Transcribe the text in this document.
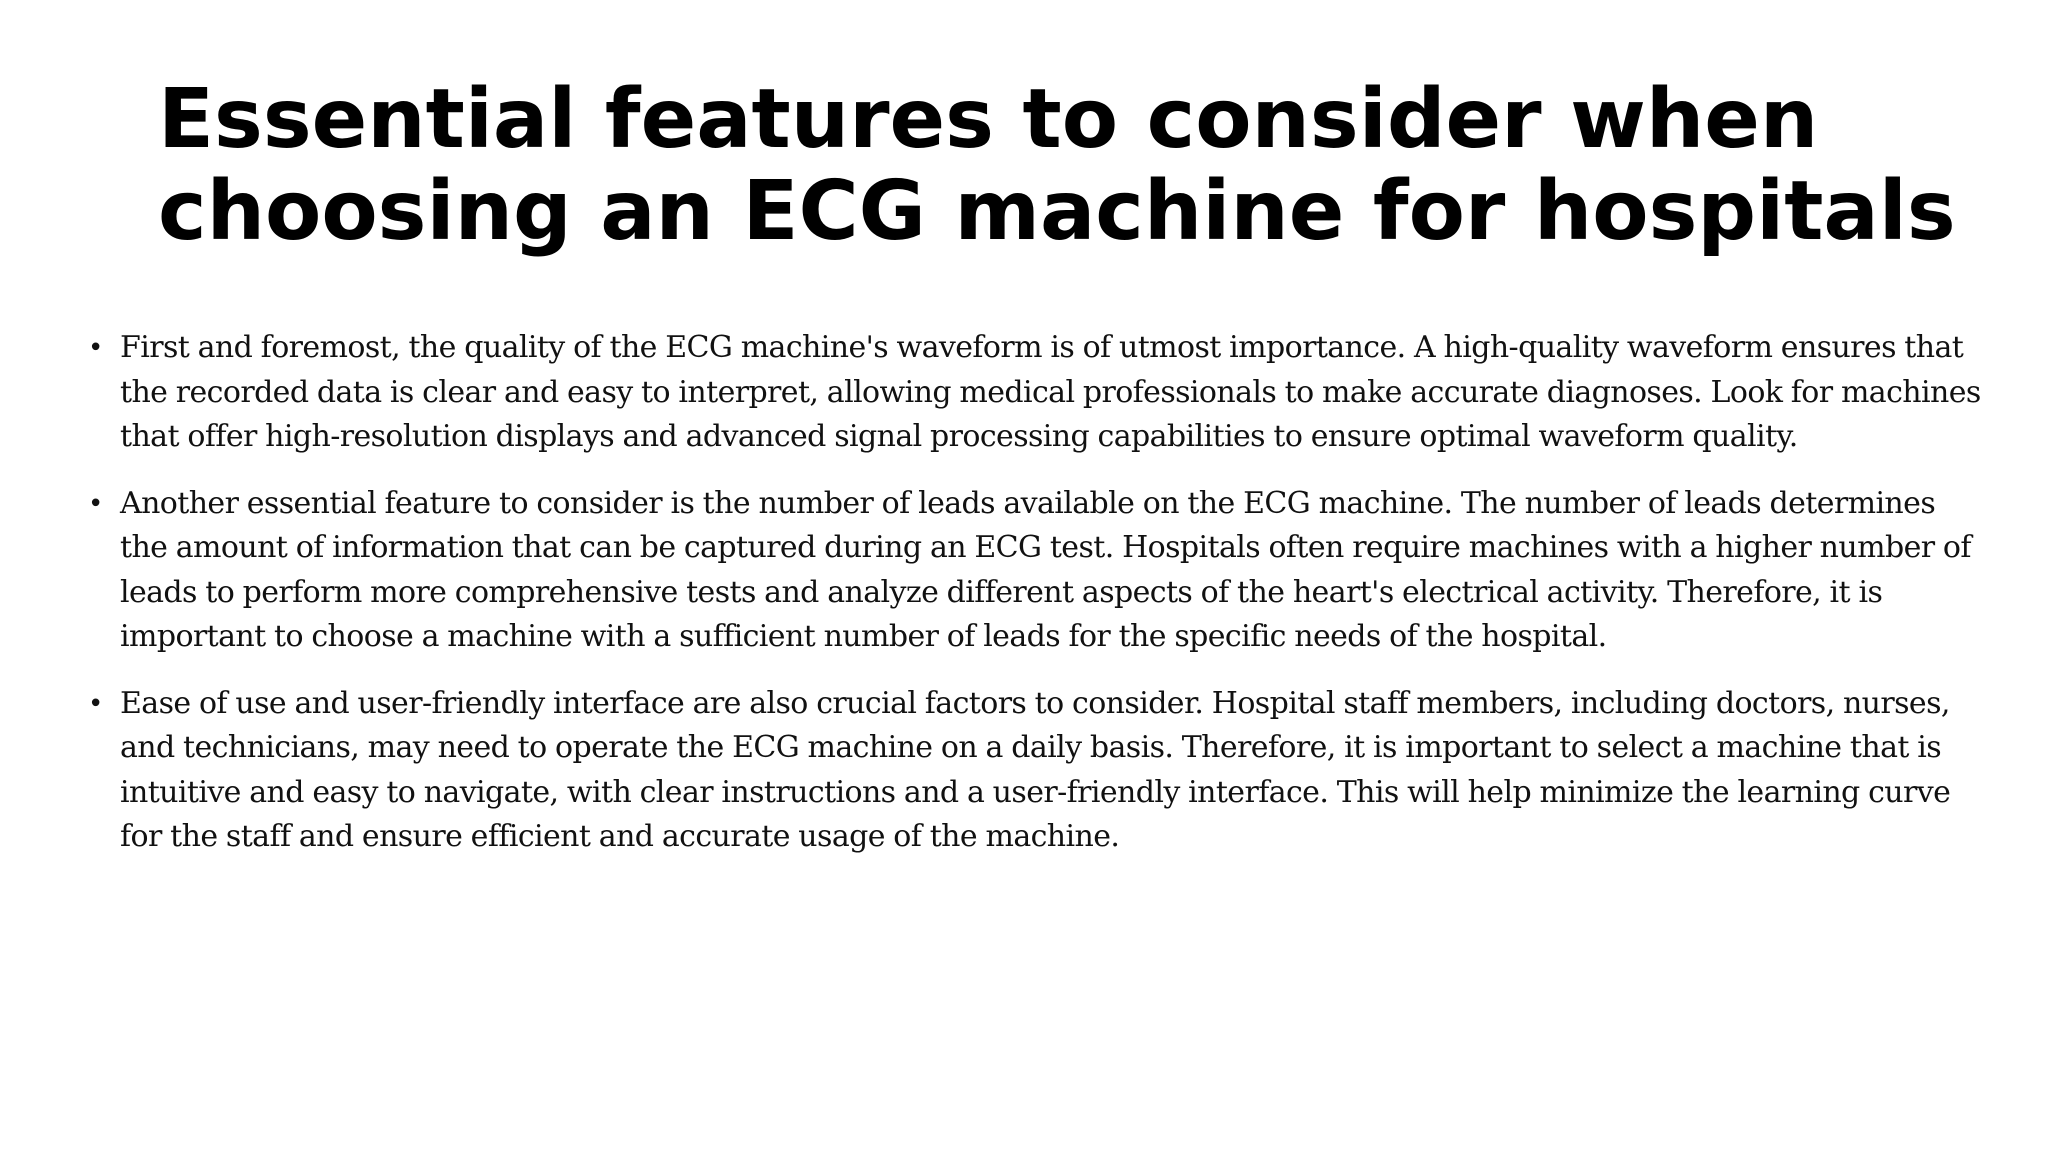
Essential features to consider when choosing an ECG machine for hospitals
• First and foremost, the quality of the ECG machine's waveform is of utmost importance. A high-quality waveform ensures that the recorded data is clear and easy to interpret, allowing medical professionals to make accurate diagnoses. Look for machines that offer high-resolution displays and advanced signal processing capabilities to ensure optimal waveform quality.
• Another essential feature to consider is the number of leads available on the ECG machine. The number of leads determines the amount of information that can be captured during an ECG test. Hospitals often require machines with a higher number of leads to perform more comprehensive tests and analyze different aspects of the heart's electrical activity. Therefore, it is important to choose a machine with a sufficient number of leads for the specific needs of the hospital.
• Ease of use and user-friendly interface are also crucial factors to consider. Hospital staff members, including doctors, nurses, and technicians, may need to operate the ECG machine on a daily basis. Therefore, it is important to select a machine that is intuitive and easy to navigate, with clear instructions and a user-friendly interface. This will help minimize the learning curve for the staff and ensure efficient and accurate usage of the machine.
